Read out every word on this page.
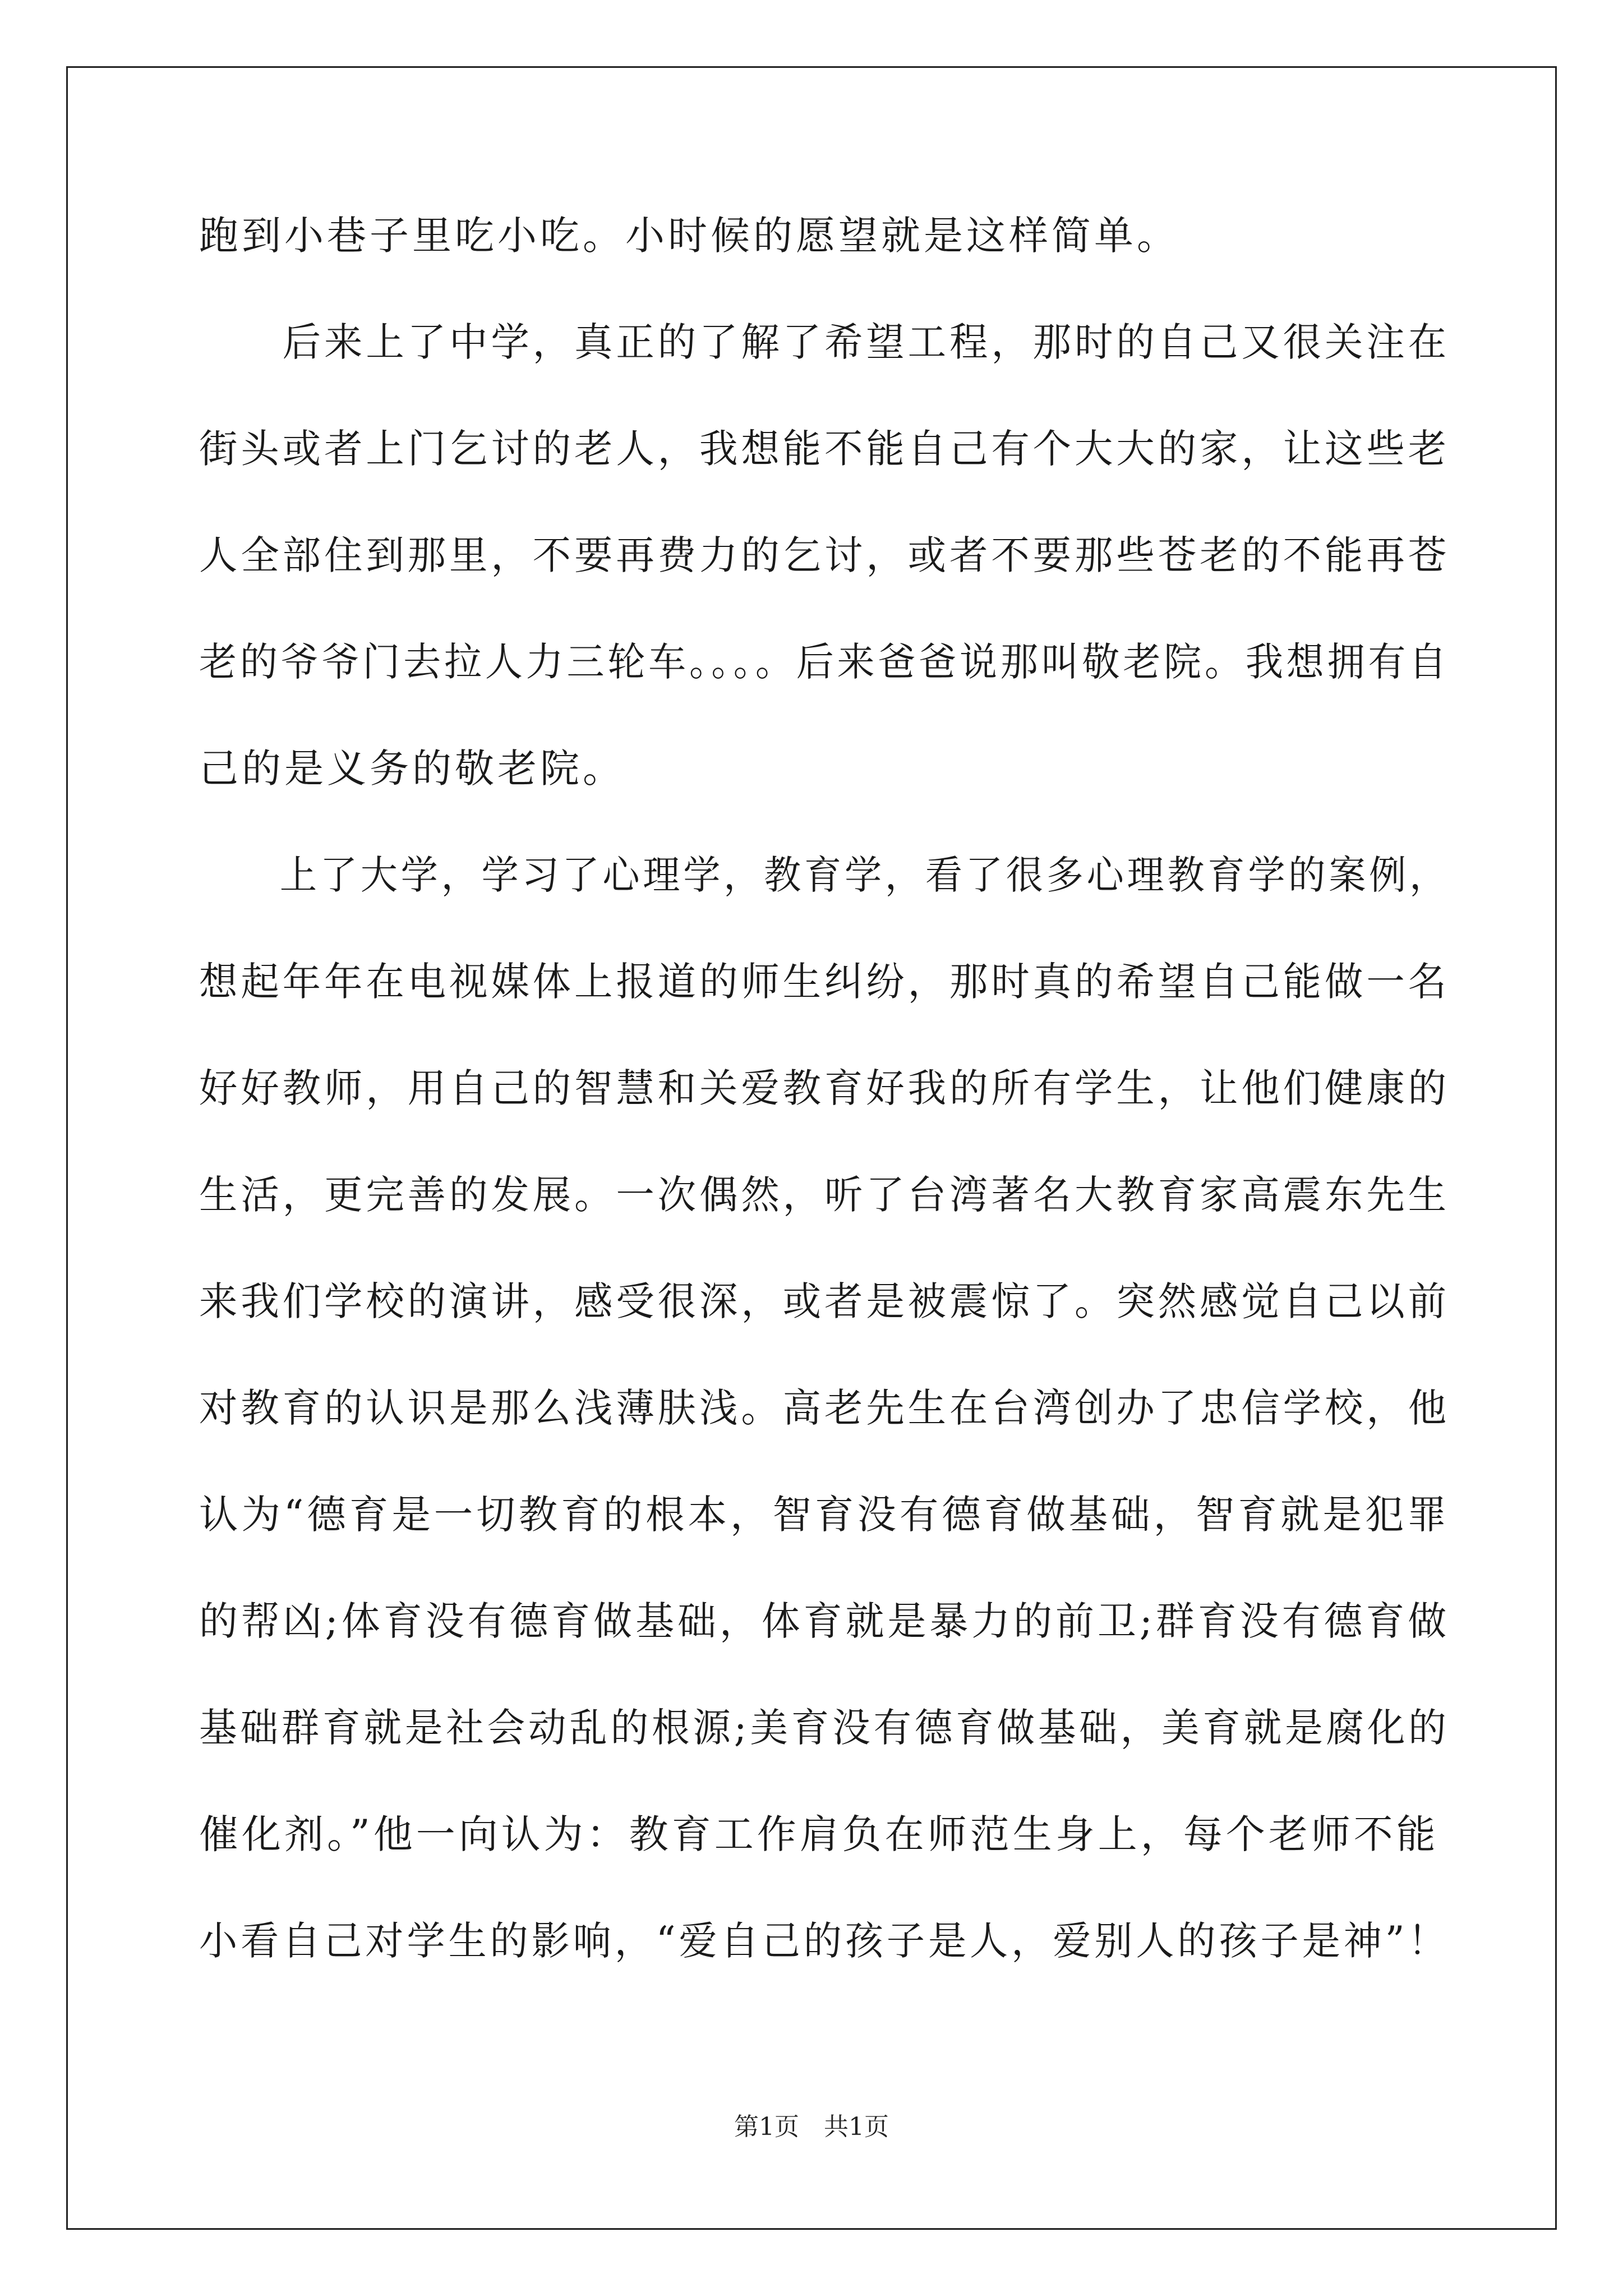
跑到小巷子里吃小吃。小时候的愿望就是这样简单。
　　后来上了中学，真正的了解了希望工程，那时的自己又很关注在
街头或者上门乞讨的老人，我想能不能自己有个大大的家，让这些老
人全部住到那里，不要再费力的乞讨，或者不要那些苍老的不能再苍
老的爷爷门去拉人力三轮车。。。。后来爸爸说那叫敬老院。我想拥有自
己的是义务的敬老院。
　　上了大学，学习了心理学，教育学，看了很多心理教育学的案例，
想起年年在电视媒体上报道的师生纠纷，那时真的希望自己能做一名
好好教师，用自己的智慧和关爱教育好我的所有学生，让他们健康的
生活，更完善的发展。一次偶然，听了台湾著名大教育家高震东先生
来我们学校的演讲，感受很深，或者是被震惊了。突然感觉自己以前
对教育的认识是那么浅薄肤浅。高老先生在台湾创办了忠信学校，他
认为“德育是一切教育的根本，智育没有德育做基础，智育就是犯罪
的帮凶;体育没有德育做基础，体育就是暴力的前卫;群育没有德育做
基础群育就是社会动乱的根源;美育没有德育做基础，美育就是腐化的
催化剂。”他一向认为：教育工作肩负在师范生身上，每个老师不能
小看自己对学生的影响，“爱自己的孩子是人，爱别人的孩子是神”！
第1页　共1页
